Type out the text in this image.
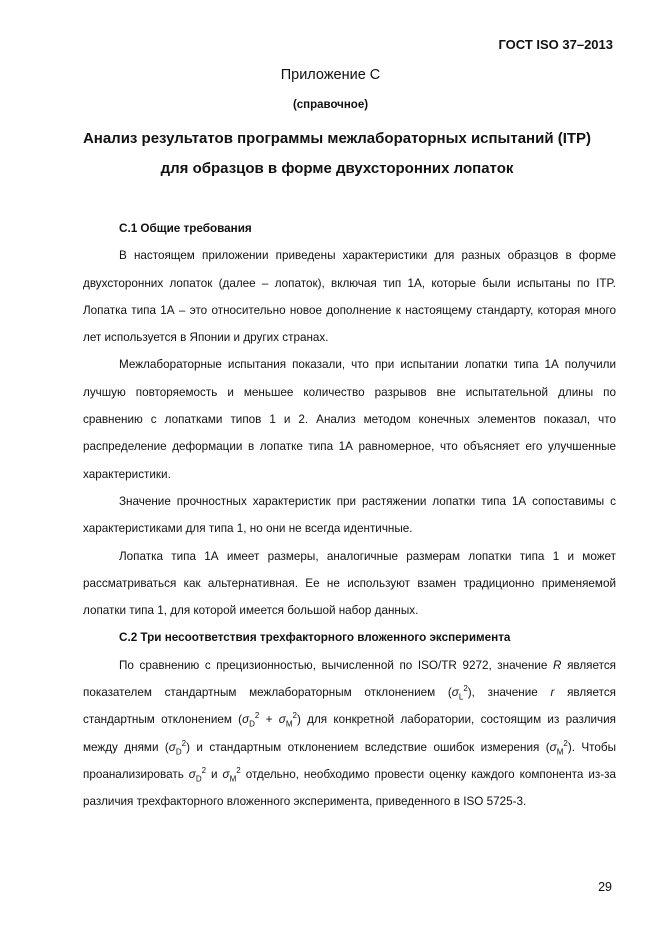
ГОСТ ISO 37–2013
Приложение С
(справочное)
Анализ результатов программы межлабораторных испытаний (ITP) для образцов в форме двухсторонних лопаток
С.1 Общие требования

В настоящем приложении приведены характеристики для разных образцов в форме двухсторонних лопаток (далее – лопаток), включая тип 1А, которые были испытаны по ITP. Лопатка типа 1А – это относительно новое дополнение к настоящему стандарту, которая много лет используется в Японии и других странах.

Межлабораторные испытания показали, что при испытании лопатки типа 1А получили лучшую повторяемость и меньшее количество разрывов вне испытательной длины по сравнению с лопатками типов 1 и 2. Анализ методом конечных элементов показал, что распределение деформации в лопатке типа 1А равномерное, что объясняет его улучшенные характеристики.

Значение прочностных характеристик при растяжении лопатки типа 1А сопоставимы с характеристиками для типа 1, но они не всегда идентичные.

Лопатка типа 1А имеет размеры, аналогичные размерам лопатки типа 1 и может рассматриваться как альтернативная. Ее не используют взамен традиционно применяемой лопатки типа 1, для которой имеется большой набор данных.

С.2 Три несоответствия трехфакторного вложенного эксперимента

По сравнению с прецизионностью, вычисленной по ISO/TR 9272, значение R является показателем стандартным межлабораторным отклонением $(\sigma_L^2)$, значение r является стандартным отклонением $(\sigma_D^2 + \sigma_M^2)$ для конкретной лаборатории, состоящим из различия между днями $(\sigma_D^2)$ и стандартным отклонением вследствие ошибок измерения $(\sigma_M^2)$. Чтобы проанализировать $\sigma_D^2$ и $\sigma_M^2$ отдельно, необходимо провести оценку каждого компонента из-за различия трехфакторного вложенного эксперимента, приведенного в ISO 5725-3.

29
